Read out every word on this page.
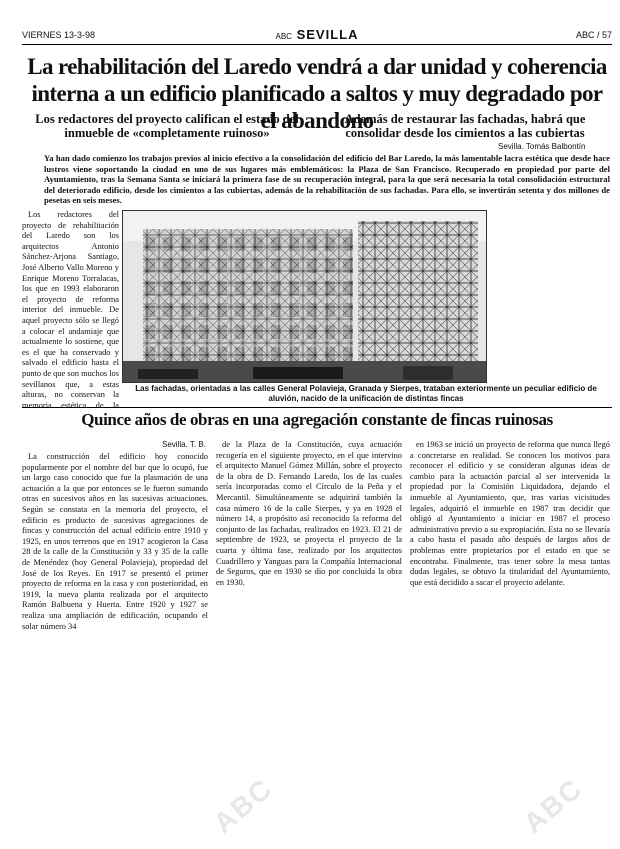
VIERNES 13-3-98	ABC SEVILLA	ABC / 57
La rehabilitación del Laredo vendrá a dar unidad y coherencia interna a un edificio planificado a saltos y muy degradado por el abandono
Los redactores del proyecto califican el estado del inmueble de «completamente ruinoso»
Además de restaurar las fachadas, habrá que consolidar desde los cimientos a las cubiertas
Sevilla. Tomás Balbontín
Ya han dado comienzo los trabajos previos al inicio efectivo a la consolidación del edificio del Bar Laredo, la más lamentable lacra estética que desde hace lustros viene soportando la ciudad en uno de sus lugares más emblemáticos: la Plaza de San Francisco. Recuperado en propiedad por parte del Ayuntamiento, tras la Semana Santa se iniciará la primera fase de su recuperación integral, para la que será necesaria la total consolidación estructural del deteriorado edificio, desde los cimientos a las cubiertas, además de la rehabilitación de sus fachadas. Para ello, se invertirán setenta y dos millones de pesetas en seis meses.
Las fachadas, orientadas a las calles General Polavieja, Granada y Sierpes, trataban exteriormente un peculiar edificio de aluvión, nacido de la unificación de distintas fincas

Los redactores del proyecto de rehabilitación del Laredo son los arquitectos Antonio Sánchez-Arjona Santiago, José Alberto Vallo Moreno y Enrique Moreno Torralacas, los que en 1993 elaboraron el proyecto de reforma interior del inmueble. De aquel proyecto sólo se llegó a colocar el andamiaje que actualmente lo sostiene, que es el que ha conservado y salvado el edificio hasta el punto de que son muchos los sevillanos que, a estas alturas, no conservan la memoria estética de la

Quince años de obras en una agregación constante de fincas ruinosas
Sevilla. T. B.

La construcción del edificio hoy conocido popularmente por el nombre del bar que lo ocupó, fue un largo caso conocido que fue la plasmación de una actuación a la que por entonces se le fueron sumando otras en sucesivos años en las sucesivas actuaciones. Según se constata en la memoria del proyecto, el edificio es producto de sucesivas agregaciones de fincas y construcción del actual edificio entre 1910 y 1925, en unos terrenos que en 1917 acogieron la Casa 28 de la calle de la Constitución y 33 y 35 de la calle de Menéndez (hoy General Polavieja), propiedad del José de los Reyes. En 1917 se presentó el primer proyecto de reforma en la casa y con posterioridad, en 1919, la nueva planta realizada por el arquitecto Ramón Balbuena y Huerta. Entre 1920 y 1927 se realiza una ampliación de edificación, ocupando el solar número 34

de la Plaza de la Constitución, cuya actuación recogería en el siguiente proyecto, en el que intervino el arquitecto Manuel Gómez Millán, sobre el proyecto de la obra de D. Fernando Laredo, los de las cuales sería incorporadas como el Círculo de la Peña y el Mercantil. Simultáneamente se adquirirá también la casa número 16 de la calle Sierpes, y ya en 1928 el número 14, a propósito así reconocido la reforma del conjunto de las fachadas, realizados en 1923. El 21 de septiembre de 1923, se proyecta el proyecto de la cuarta y última fase, realizado por los arquitectos Cuadrillero y Yanguas para la Compañía Internacional de Seguros, que en 1930 se dio por concluida la obra en 1930.

en 1963 se inició un proyecto de reforma que nunca llegó a concretarse en realidad. Se conocen los motivos para reconocer el edificio y se consideran algunas ideas de cambio para la actuación parcial al ser intervenida la propiedad por la Comisión Liquidadora, dejando el inmueble al Ayuntamiento, que, tras varias vicisitudes legales, adquirió el inmueble en 1987 tras decidir que obligó al Ayuntamiento a iniciar en 1987 el proceso administrativo previo a su expropiación. Esta no se llevaría a cabo hasta el pasado año después de largos años de problemas entre propietarios por el estado en que se encontraba. Finalmente, tras tener sobre la mesa tantas dudas legales, se obtuvo la titularidad del Ayuntamiento, que está decidido a sacar el proyecto adelante.

ABC	ABC
